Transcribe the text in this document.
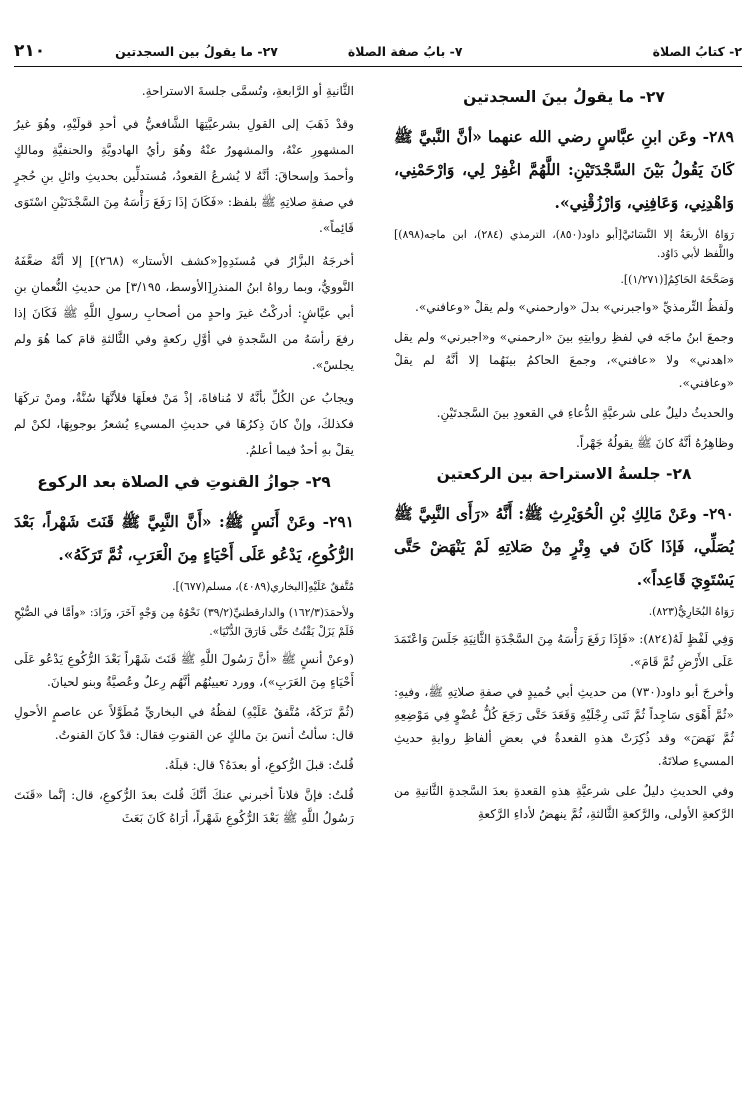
٢- كتابُ الصلاة
٧- بابُ صفة الصلاة
٢٧- ما يقولُ بين السجدتين
٢١٠
٢٧- ما يقولُ بينَ السجدتين

٢٨٩- وعَن ابنِ عبَّاسٍ رضي الله عنهما «أنَّ النَّبيَّ ﷺ كَانَ يَقُولُ بَيْنَ السَّجْدَتَيْنِ: اللَّهُمَّ اغْفِرْ لِي، وَارْحَمْنِي، وَاهْدِنِي، وَعَافِنِي، وَارْزُقْنِي».

رَوَاهُ الأربعَةُ إلا النَّسَائيَّ[أبو داود(٨٥٠)، الترمذي (٢٨٤)، ابن ماجه(٨٩٨)] واللَّفظ لأبي دَاوُد.

وَصَحَّحَهُ الحَاكِمُ[(١/٢٧١)].

ولَفظُ التِّرمذيِّ «واجبرني» بدلَ «وارحمني» ولم يقلْ «وعافني».

وجمعَ ابنُ ماجَه في لفظِ روايتِهِ بينَ «ارحمني» و«اجبرني» ولم يقل «اهدني» ولا «عافني»، وجمعَ الحاكمُ بينَهُما إلا أنَّهُ لم يقلْ «وعافني».

والحديثُ دليلٌ على شرعيَّةِ الدُّعاءِ في القعودِ بينَ السَّجدتَيْنِ.

وظاهِرُهُ أنَّهُ كانَ ﷺ يقولُهُ جَهْراً.

٢٨- جلسةُ الاستراحة بين الركعتين

٢٩٠- وعَنْ مَالِكِ بْنِ الْحُوَيْرِثِ ﷺ: أَنَّهُ «رَأَى النَّبِيَّ ﷺ يُصَلِّي، فَإذَا كَانَ في وِتْرٍ مِنْ صَلاتِهِ لَمْ يَنْهَضْ حَتَّى يَسْتَوِيَ قَاعِداً».

رَوَاهُ البُخَارِيُّ(٨٢٣).

وَفِي لَفْظٍ لَهُ(٨٢٤): «فَإِذَا رَفَعَ رَأْسَهُ مِنَ السَّجْدَةِ الثَّانِيَةِ جَلَسَ وَاعْتَمَدَ عَلَى الأَرْضِ ثُمَّ قَامَ».

وأخرجَ أبو داود(٧٣٠) من حديثِ أبي حُميدٍ في صفةِ صلاتِهِ ﷺ، وفيهِ: «ثُمَّ أَهْوَى سَاجِداً ثُمَّ ثَنَى رِجْلَيْهِ وَقَعَدَ حَتَّى رَجَعَ كُلُّ عُضْوٍ فِي مَوْضِعِهِ ثُمَّ نَهَضَ» وقد ذُكِرَتْ هذهِ القعدةُ في بعضِ ألفاظِ روايةِ حديثِ المسيءِ صلاتَهُ.

وفي الحديثِ دليلٌ على شرعيَّةِ هذهِ القعدةِ بعدَ السَّجدةِ الثَّانيةِ من الرَّكعةِ الأولى، والرَّكعةِ الثَّالثةِ، ثُمَّ ينهضُ لأداءِ الرَّكعةِ

الثَّانيةِ أو الرَّابعةِ، وتُسمَّى جلسةَ الاستراحةِ.

وقدْ ذَهَبَ إلى القولِ بشرعيَّتِهَا الشَّافعيُّ في أحدِ قولَيْهِ، وهُوَ غيرُ المشهورِ عنْهُ، والمشهورُ عنْهُ وهُوَ رأيُ الهادويَّةِ والحنفيَّةِ ومالكٍ وأحمدَ وإسحاقَ: أنَّهُ لا يُشرعُ القعودُ، مُستدلِّين بحديثِ وائلِ بنِ حُجرٍ في صفةِ صلاتِهِ ﷺ بلفظ: «فَكَانَ إذَا رَفَعَ رَأْسَهُ مِنَ السَّجْدَتَيْنِ اسْتَوَى قَائِماً».

أخرجَهُ البزَّارُ في مُسنَدِهِ[«كشف الأستار» (٢٦٨)] إلا أنَّهُ ضعَّفَهُ النَّوويُّ، وبما رواهُ ابنُ المنذرِ[الأوسط، ٣/١٩٥] من حديثِ النُّعمانِ بنِ أبي عيَّاشٍ: أدركْتُ غيرَ واحدٍ من أصحابِ رسولِ اللَّهِ ﷺ فَكَانَ إذا رفعَ رأسَهُ من السَّجدةِ في أوَّلِ ركعةٍ وفي الثَّالثةِ قامَ كما هُوَ ولم يجلسْ».

ويجابُ عن الكُلِّ بأنَّهُ لا مُنافاةَ، إذْ مَنْ فعلَهَا فلأنَّهَا سُنَّةٌ، ومنْ تركَهَا فكذلكَ، وإنْ كانَ ذِكرُهَا في حديثِ المسيءِ يُشعرُ بوجوبِهَا، لكنْ لم يقلْ بهِ أحدٌ فيما أعلمُ.

٢٩- جوازُ القنوتِ في الصلاة بعد الركوع

٢٩١- وعَنْ أَنَسٍ ﷺ: «أَنَّ النَّبِيَّ ﷺ قَنَتَ شَهْراً، بَعْدَ الرُّكُوعِ، يَدْعُو عَلَى أَحْيَاءٍ مِنَ الْعَرَبِ، ثُمَّ تَرَكَهُ».

مُتَّفقٌ عَلَيْهِ[البخاري(٤٠٨٩)، مسلم(٦٧٧)].

ولأحمَدَ(١٦٢/٣) والدارقطنيِّ(٣٩/٢) نَحْوُهُ مِن وَجْهٍ آخَرَ، وزَادَ: «وأمَّا في الصُّبْحِ فَلَمْ يَزَلْ يَقْنُتُ حَتَّى فَارَقَ الدُّنْيَا».

(وعنْ أنسٍ ﷺ «أنَّ رَسُولَ اللَّهِ ﷺ قَنَتَ شَهْراً بَعْدَ الرُّكُوعِ يَدْعُو عَلَى أَحْيَاءٍ مِنَ العَرَبِ»)، وورد تعيينُهُم أنَّهُم رِعلٌ وعُصيَّةُ وبنو لحيانَ.

(ثُمَّ تَرَكَهُ، مُتَّفقٌ عَلَيْهِ) لفظُهُ في البخاريِّ مُطَوَّلاً عن عاصمٍ الأحولِ قال: سألتُ أنسَ بنَ مالكٍ عن القنوتِ فقال: قدْ كانَ القنوتُ.

قُلتُ: قبلَ الرُّكوعِ، أو بعدَهُ؟ قال: قبلَهُ.

قُلتُ: فإنَّ فلاناً أخبرني عنكَ أنَّكَ قُلتَ بعدَ الرُّكوعِ، قال: إنَّما «قَنَتَ رَسُولُ اللَّهِ ﷺ بَعْدَ الرُّكُوعِ شَهْراً، أرَاهُ كَانَ بَعَثَ
